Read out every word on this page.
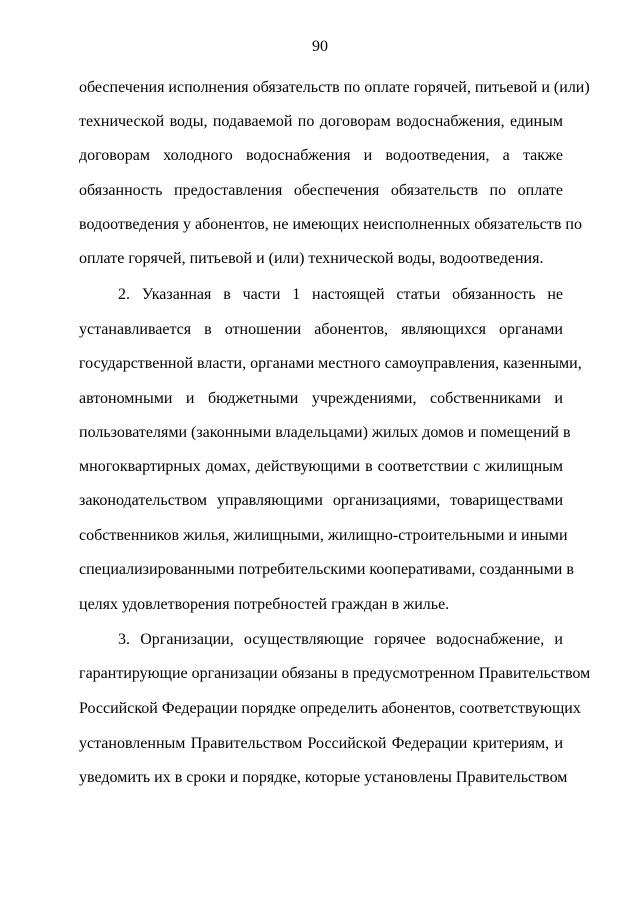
90
обеспечения исполнения обязательств по оплате горячей, питьевой и (или)
технической воды, подаваемой по договорам водоснабжения, единым
договорам холодного водоснабжения и водоотведения, а также
обязанность предоставления обеспечения обязательств по оплате
водоотведения у абонентов, не имеющих неисполненных обязательств по
оплате горячей, питьевой и (или) технической воды, водоотведения.
2. Указанная в части 1 настоящей статьи обязанность не
устанавливается в отношении абонентов, являющихся органами
государственной власти, органами местного самоуправления, казенными,
автономными и бюджетными учреждениями, собственниками и
пользователями (законными владельцами) жилых домов и помещений в
многоквартирных домах, действующими в соответствии с жилищным
законодательством управляющими организациями, товариществами
собственников жилья, жилищными, жилищно-строительными и иными
специализированными потребительскими кооперативами, созданными в
целях удовлетворения потребностей граждан в жилье.
3. Организации, осуществляющие горячее водоснабжение, и
гарантирующие организации обязаны в предусмотренном Правительством
Российской Федерации порядке определить абонентов, соответствующих
установленным Правительством Российской Федерации критериям, и
уведомить их в сроки и порядке, которые установлены Правительством
